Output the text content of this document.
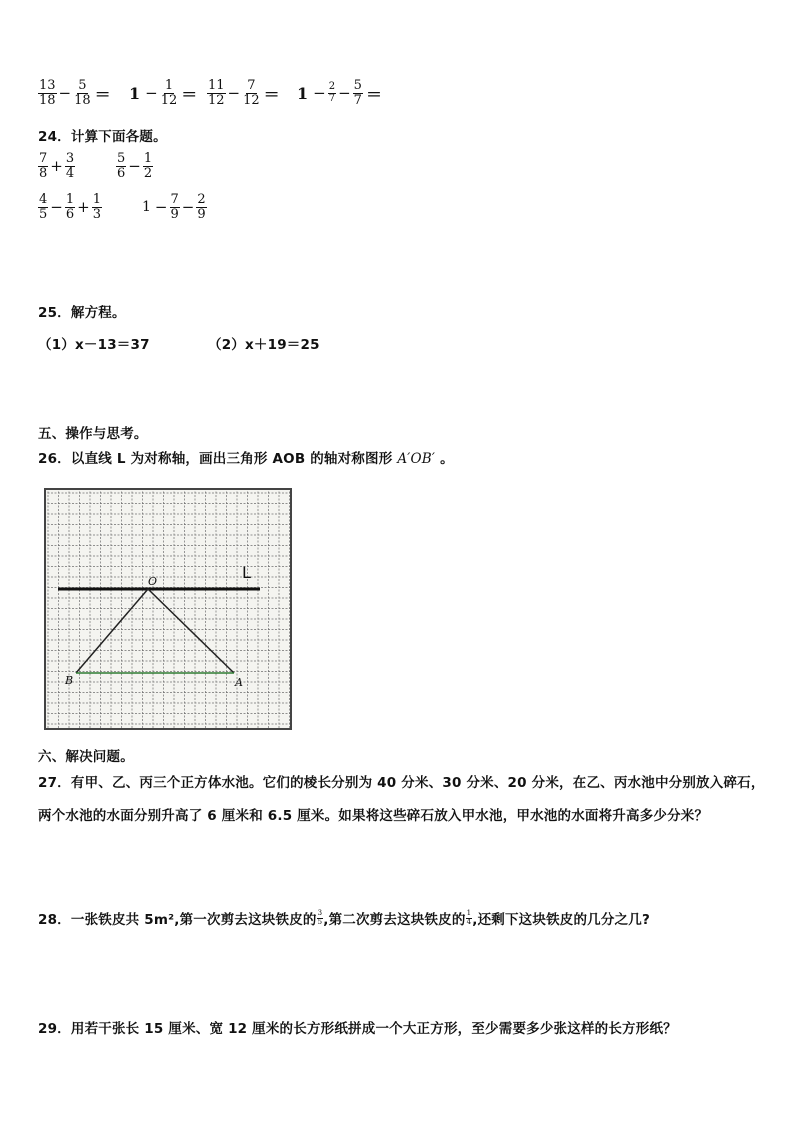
$\frac{13}{18} - \frac{5}{18} = 1 - \frac{1}{12} = \frac{11}{12} - \frac{7}{12} = 1 - \frac{2}{7} - \frac{5}{7}$ ＝
24．计算下面各题。
$\frac{7}{8} + \frac{3}{4}$	$\frac{5}{6} - \frac{1}{2}$
$\frac{4}{5} - \frac{1}{6} + \frac{1}{3}$	$1 - \frac{7}{9} - \frac{2}{9}$
25．解方程。
（1）x－13＝37	（2）x＋19＝25
五、操作与思考。
26．以直线 L 为对称轴，画出三角形 AOB 的轴对称图形 A′OB′ 。
L
O
B	A
六、解决问题。
27．有甲、乙、丙三个正方体水池。它们的棱长分别为 40 分米、30 分米、20 分米，在乙、丙水池中分别放入碎石，
两个水池的水面分别升高了 6 厘米和 6.5 厘米。如果将这些碎石放入甲水池，甲水池的水面将升高多少分米？
28．一张铁皮共 5m²,第一次剪去这块铁皮的 $\frac{3}{5}$ ,第二次剪去这块铁皮的 $\frac{1}{4}$ ,还剩下这块铁皮的几分之几?
29．用若干张长 15 厘米、宽 12 厘米的长方形纸拼成一个大正方形，至少需要多少张这样的长方形纸？
